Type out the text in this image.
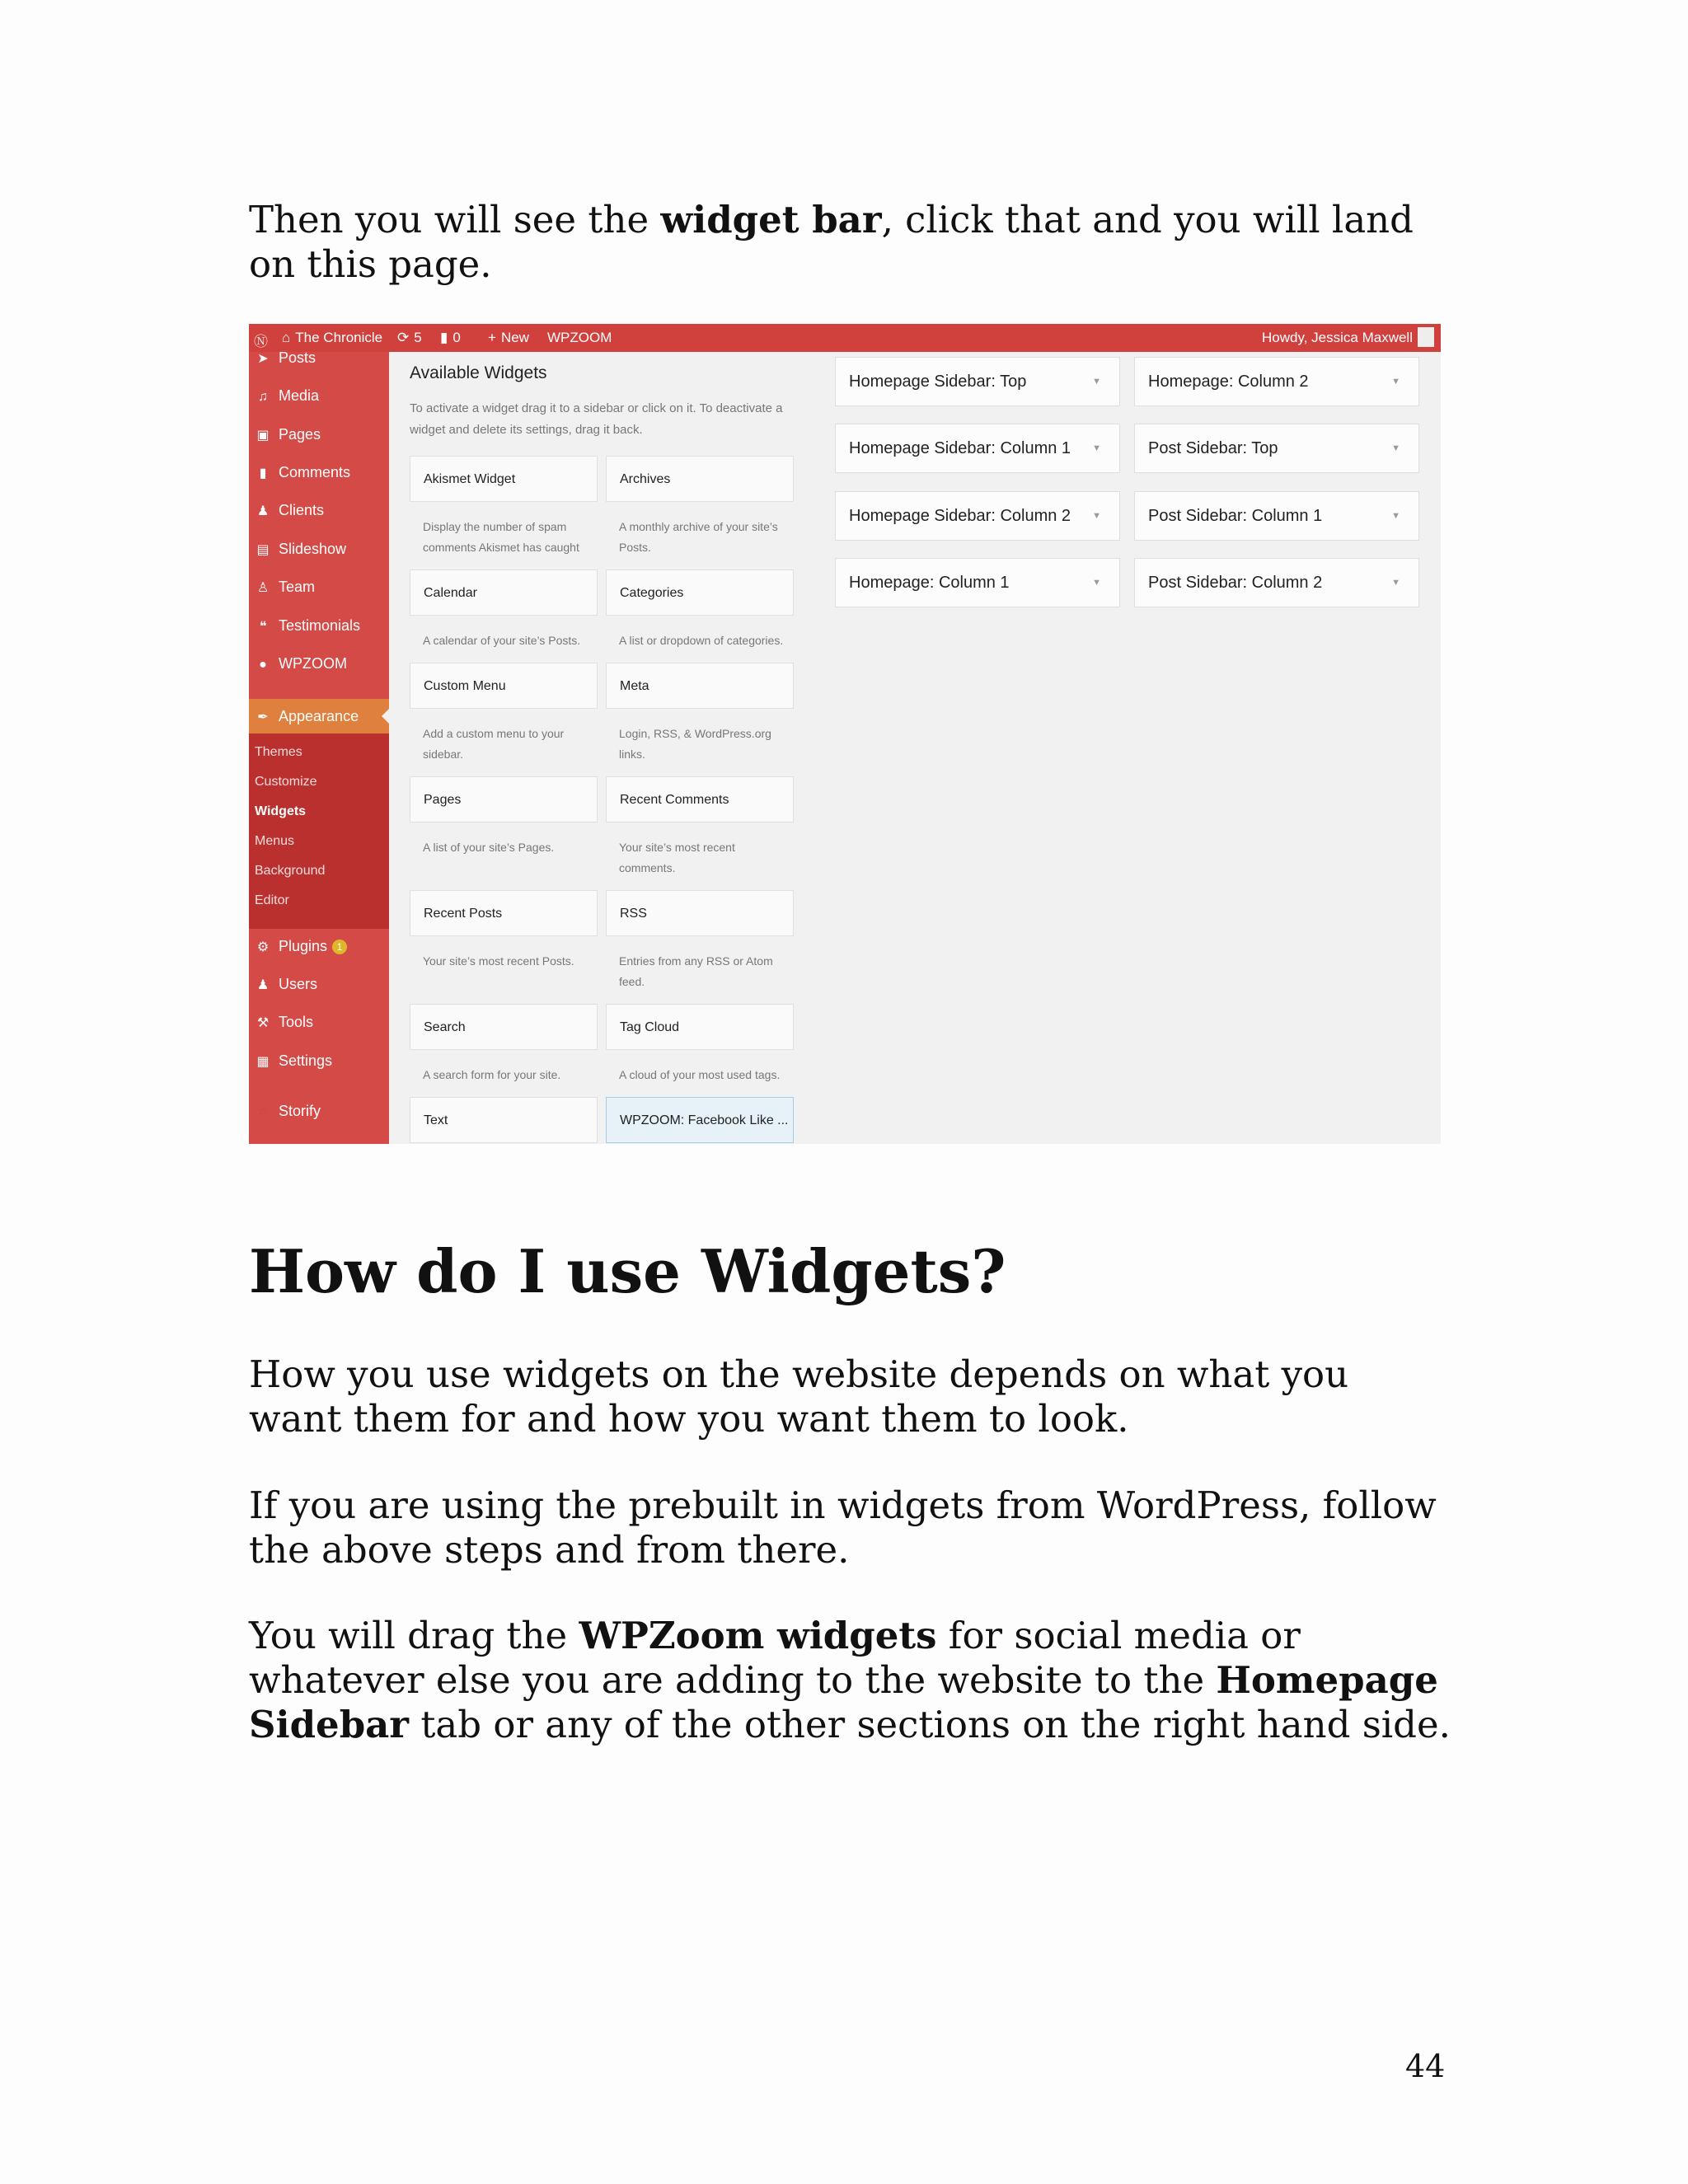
Then you will see the widget bar, click that and you will land on this page.

Ⓝ ⌂ The Chronicle ⟳ 5 ▮ 0 + New WPZOOM	Howdy, Jessica Maxwell
➤ Posts
♫ Media
▣ Pages
▮ Comments
♟ Clients
▤ Slideshow
♙ Team
❝ Testimonials
● WPZOOM
✒ Appearance
Themes
Customize
Widgets
Menus
Background
Editor
⚙ Plugins 1
♟ Users
⚒ Tools
▦ Settings
○ Storify
Available Widgets
To activate a widget drag it to a sidebar or click on it. To deactivate a widget and delete its settings, drag it back.
Akismet Widget
Display the number of spam comments Akismet has caught
Archives
A monthly archive of your site’s Posts.
Calendar
A calendar of your site’s Posts.
Categories
A list or dropdown of categories.
Custom Menu
Add a custom menu to your sidebar.
Meta
Login, RSS, & WordPress.org links.
Pages
A list of your site’s Pages.
Recent Comments
Your site’s most recent comments.
Recent Posts
Your site’s most recent Posts.
RSS
Entries from any RSS or Atom feed.
Search
A search form for your site.
Tag Cloud
A cloud of your most used tags.
Text	WPZOOM: Facebook Like ...
Homepage Sidebar: Top	▼	Homepage: Column 2	▼
Homepage Sidebar: Column 1 ▼	Post Sidebar: Top	▼
Homepage Sidebar: Column 2 ▼	Post Sidebar: Column 1	▼
Homepage: Column 1	▼	Post Sidebar: Column 2	▼
How do I use Widgets?

How you use widgets on the website depends on what you want them for and how you want them to look.

If you are using the prebuilt in widgets from WordPress, follow the above steps and from there.

You will drag the WPZoom widgets for social media or whatever else you are adding to the website to the Homepage Sidebar tab or any of the other sections on the right hand side.

44
